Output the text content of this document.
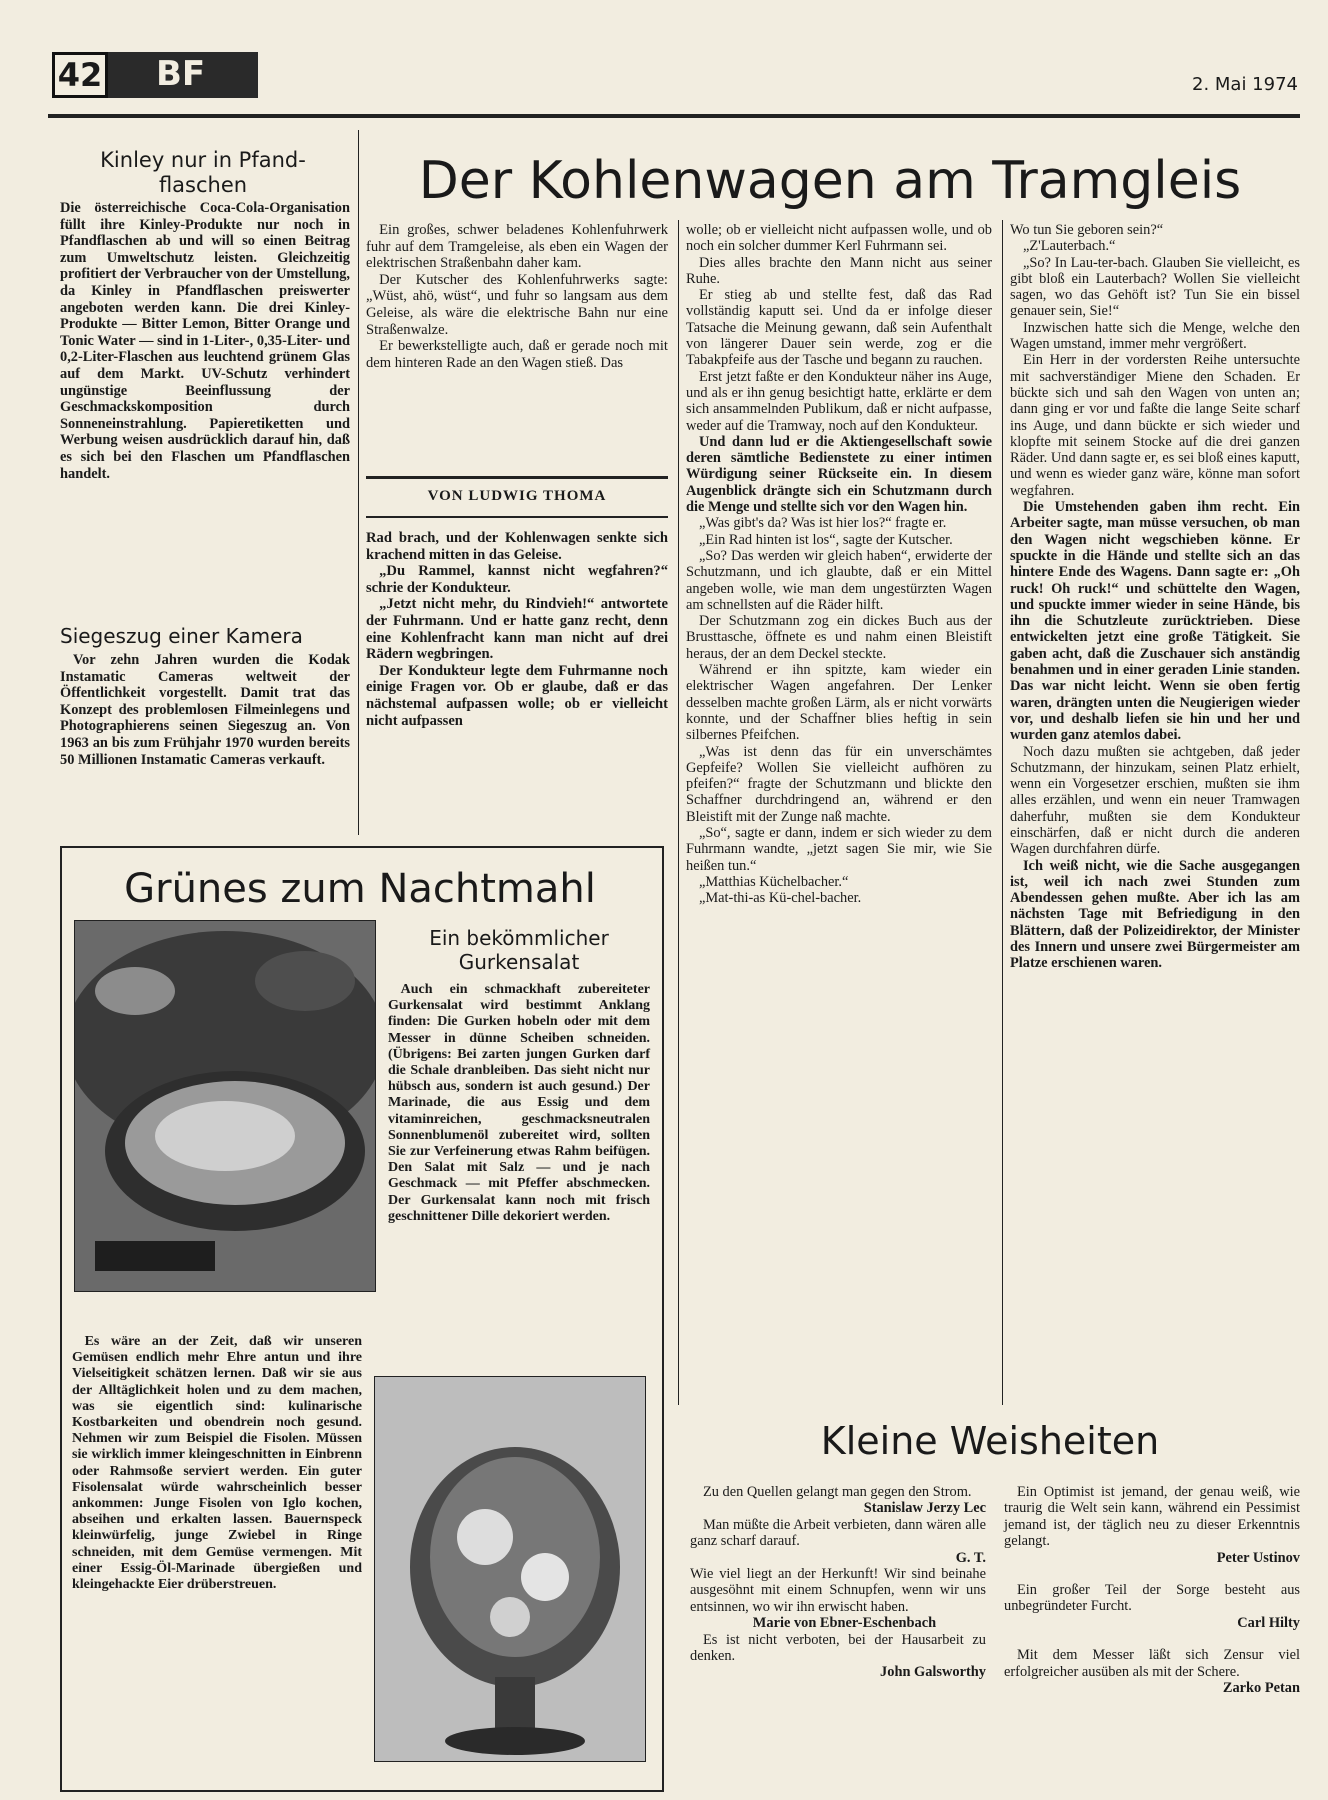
42 BF	2. Mai 1974
Kinley nur in Pfand-
flaschen
Die österreichische Coca-Cola-Organisation füllt ihre Kinley-Produkte nur noch in Pfandflaschen ab und will so einen Beitrag zum Umweltschutz leisten. Gleichzeitig profitiert der Verbraucher von der Umstellung, da Kinley in Pfandflaschen preiswerter angeboten werden kann. Die drei Kinley-Produkte — Bitter Lemon, Bitter Orange und Tonic Water — sind in 1-Liter-, 0,35-Liter- und 0,2-Liter-Flaschen aus leuchtend grünem Glas auf dem Markt. UV-Schutz verhindert ungünstige Beeinflussung der Geschmackskomposition durch Sonneneinstrahlung. Papieretiketten und Werbung weisen ausdrücklich darauf hin, daß es sich bei den Flaschen um Pfandflaschen handelt.
Siegeszug einer Kamera
Vor zehn Jahren wurden die Kodak Instamatic Cameras weltweit der Öffentlichkeit vorgestellt. Damit trat das Konzept des problemlosen Filmeinlegens und Photographierens seinen Siegeszug an. Von 1963 an bis zum Frühjahr 1970 wurden bereits 50 Millionen Instamatic Cameras verkauft.
Der Kohlenwagen am Tramgleis

Ein großes, schwer beladenes Kohlenfuhrwerk fuhr auf dem Tramgeleise, als eben ein Wagen der elektrischen Straßenbahn daher kam.

Der Kutscher des Kohlenfuhrwerks sagte: „Wüst, ahö, wüst“, und fuhr so langsam aus dem Geleise, als wäre die elektrische Bahn nur eine Straßenwalze.

Er bewerkstelligte auch, daß er gerade noch mit dem hinteren Rade an den Wagen stieß. Das

VON LUDWIG THOMA

Rad brach, und der Kohlenwagen senkte sich krachend mitten in das Geleise.

„Du Rammel, kannst nicht wegfahren?“ schrie der Kondukteur.

„Jetzt nicht mehr, du Rindvieh!“ antwortete der Fuhrmann. Und er hatte ganz recht, denn eine Kohlenfracht kann man nicht auf drei Rädern wegbringen.

Der Kondukteur legte dem Fuhrmanne noch einige Fragen vor. Ob er glaube, daß er das nächstemal aufpassen wolle; ob er vielleicht nicht aufpassen

wolle; ob er vielleicht nicht aufpassen wolle, und ob noch ein solcher dummer Kerl Fuhrmann sei.

Dies alles brachte den Mann nicht aus seiner Ruhe.

Er stieg ab und stellte fest, daß das Rad vollständig kaputt sei. Und da er infolge dieser Tatsache die Meinung gewann, daß sein Aufenthalt von längerer Dauer sein werde, zog er die Tabakpfeife aus der Tasche und begann zu rauchen.

Erst jetzt faßte er den Kondukteur näher ins Auge, und als er ihn genug besichtigt hatte, erklärte er dem sich ansammelnden Publikum, daß er nicht aufpasse, weder auf die Tramway, noch auf den Kondukteur.

Und dann lud er die Aktiengesellschaft sowie deren sämtliche Bedienstete zu einer intimen Würdigung seiner Rückseite ein. In diesem Augenblick drängte sich ein Schutzmann durch die Menge und stellte sich vor den Wagen hin.

„Was gibt's da? Was ist hier los?“ fragte er.

„Ein Rad hinten ist los“, sagte der Kutscher.

„So? Das werden wir gleich haben“, erwiderte der Schutzmann, und ich glaubte, daß er ein Mittel angeben wolle, wie man dem ungestürzten Wagen am schnellsten auf die Räder hilft.

Der Schutzmann zog ein dickes Buch aus der Brusttasche, öffnete es und nahm einen Bleistift heraus, der an dem Deckel steckte.

Während er ihn spitzte, kam wieder ein elektrischer Wagen angefahren. Der Lenker desselben machte großen Lärm, als er nicht vorwärts konnte, und der Schaffner blies heftig in sein silbernes Pfeifchen.

„Was ist denn das für ein unverschämtes Gepfeife? Wollen Sie vielleicht aufhören zu pfeifen?“ fragte der Schutzmann und blickte den Schaffner durchdringend an, während er den Bleistift mit der Zunge naß machte.

„So“, sagte er dann, indem er sich wieder zu dem Fuhrmann wandte, „jetzt sagen Sie mir, wie Sie heißen tun.“

„Matthias Küchelbacher.“

„Mat-thi-as Kü-chel-bacher.

Wo tun Sie geboren sein?“

„Z'Lauterbach.“

„So? In Lau-ter-bach. Glauben Sie vielleicht, es gibt bloß ein Lauterbach? Wollen Sie vielleicht sagen, wo das Gehöft ist? Tun Sie ein bissel genauer sein, Sie!“

Inzwischen hatte sich die Menge, welche den Wagen umstand, immer mehr vergrößert.

Ein Herr in der vordersten Reihe untersuchte mit sachverständiger Miene den Schaden. Er bückte sich und sah den Wagen von unten an; dann ging er vor und faßte die lange Seite scharf ins Auge, und dann bückte er sich wieder und klopfte mit seinem Stocke auf die drei ganzen Räder. Und dann sagte er, es sei bloß eines kaputt, und wenn es wieder ganz wäre, könne man sofort wegfahren.

Die Umstehenden gaben ihm recht. Ein Arbeiter sagte, man müsse versuchen, ob man den Wagen nicht wegschieben könne. Er spuckte in die Hände und stellte sich an das hintere Ende des Wagens. Dann sagte er: „Oh ruck! Oh ruck!“ und schüttelte den Wagen, und spuckte immer wieder in seine Hände, bis ihn die Schutzleute zurücktrieben. Diese entwickelten jetzt eine große Tätigkeit. Sie gaben acht, daß die Zuschauer sich anständig benahmen und in einer geraden Linie standen. Das war nicht leicht. Wenn sie oben fertig waren, drängten unten die Neugierigen wieder vor, und deshalb liefen sie hin und her und wurden ganz atemlos dabei.

Noch dazu mußten sie achtgeben, daß jeder Schutzmann, der hinzukam, seinen Platz erhielt, wenn ein Vorgesetzer erschien, mußten sie ihm alles erzählen, und wenn ein neuer Tramwagen daherfuhr, mußten sie dem Kondukteur einschärfen, daß er nicht durch die anderen Wagen durchfahren dürfe.

Ich weiß nicht, wie die Sache ausgegangen ist, weil ich nach zwei Stunden zum Abendessen gehen mußte. Aber ich las am nächsten Tage mit Befriedigung in den Blättern, daß der Polizeidirektor, der Minister des Innern und unsere zwei Bürgermeister am Platze erschienen waren.

Grünes zum Nachtmahl
Ein bekömmlicher
Gurkensalat
Auch ein schmackhaft zubereiteter Gurkensalat wird bestimmt Anklang finden: Die Gurken hobeln oder mit dem Messer in dünne Scheiben schneiden. (Übrigens: Bei zarten jungen Gurken darf die Schale dranbleiben. Das sieht nicht nur hübsch aus, sondern ist auch gesund.) Der Marinade, die aus Essig und dem vitaminreichen, geschmacksneutralen Sonnenblumenöl zubereitet wird, sollten Sie zur Verfeinerung etwas Rahm beifügen. Den Salat mit Salz — und je nach Geschmack — mit Pfeffer abschmecken. Der Gurkensalat kann noch mit frisch geschnittener Dille dekoriert werden.
Es wäre an der Zeit, daß wir unseren Gemüsen endlich mehr Ehre antun und ihre Vielseitigkeit schätzen lernen. Daß wir sie aus der Alltäglichkeit holen und zu dem machen, was sie eigentlich sind: kulinarische Kostbarkeiten und obendrein noch gesund. Nehmen wir zum Beispiel die Fisolen. Müssen sie wirklich immer kleingeschnitten in Einbrenn oder Rahmsoße serviert werden. Ein guter Fisolensalat würde wahrscheinlich besser ankommen: Junge Fisolen von Iglo kochen, abseihen und erkalten lassen. Bauernspeck kleinwürfelig, junge Zwiebel in Ringe schneiden, mit dem Gemüse vermengen. Mit einer Essig-Öl-Marinade übergießen und kleingehackte Eier drüberstreuen.
Kleine Weisheiten

Zu den Quellen gelangt man gegen den Strom.

Stanislaw Jerzy Lec

Man müßte die Arbeit verbieten, dann wären alle ganz scharf darauf.

G. T.

Wie viel liegt an der Herkunft! Wir sind beinahe ausgesöhnt mit einem Schnupfen, wenn wir uns entsinnen, wo wir ihn erwischt haben.

Marie von Ebner-Eschenbach

Es ist nicht verboten, bei der Hausarbeit zu denken.

John Galsworthy

Ein Optimist ist jemand, der genau weiß, wie traurig die Welt sein kann, während ein Pessimist jemand ist, der täglich neu zu dieser Erkenntnis gelangt.

Peter Ustinov

Ein großer Teil der Sorge besteht aus unbegründeter Furcht.

Carl Hilty

Mit dem Messer läßt sich Zensur viel erfolgreicher ausüben als mit der Schere.

Zarko Petan
